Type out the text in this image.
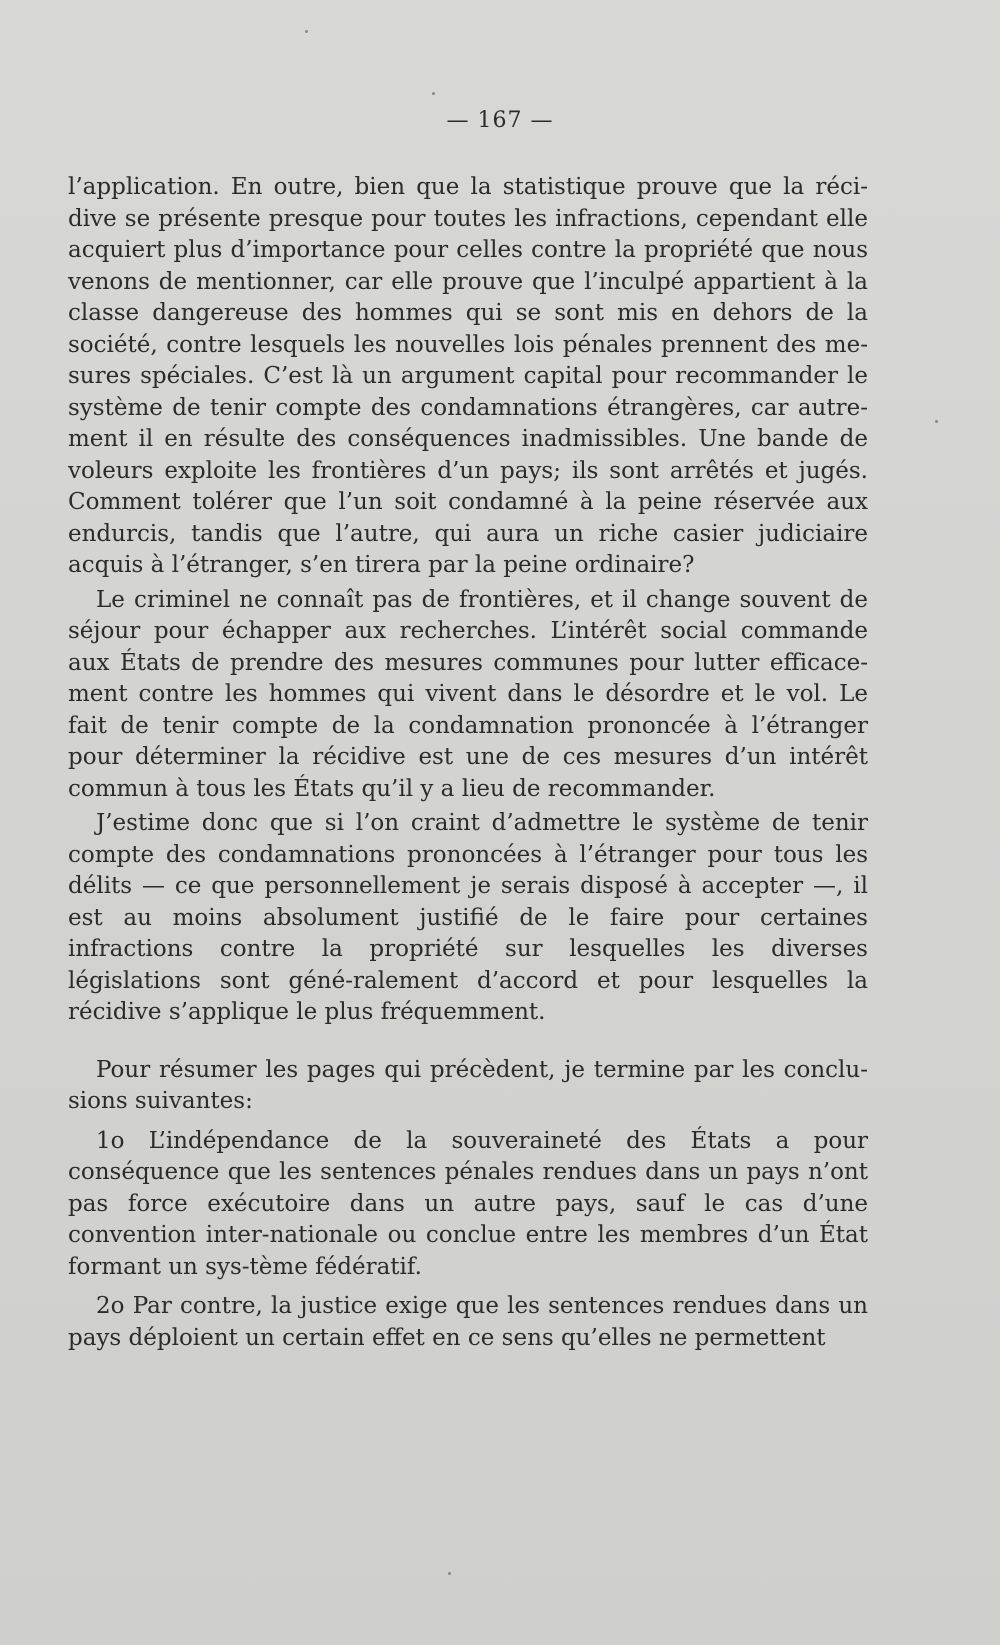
— 167 —

l’application. En outre, bien que la statistique prouve que la réci-dive se présente presque pour toutes les infractions, cependant elle acquiert plus d’importance pour celles contre la propriété que nous venons de mentionner, car elle prouve que l’inculpé appartient à la classe dangereuse des hommes qui se sont mis en dehors de la société, contre lesquels les nouvelles lois pénales prennent des me-sures spéciales. C’est là un argument capital pour recommander le système de tenir compte des condamnations étrangères, car autre-ment il en résulte des conséquences inadmissibles. Une bande de voleurs exploite les frontières d’un pays; ils sont arrêtés et jugés. Comment tolérer que l’un soit condamné à la peine réservée aux endurcis, tandis que l’autre, qui aura un riche casier judiciaire acquis à l’étranger, s’en tirera par la peine ordinaire?

Le criminel ne connaît pas de frontières, et il change souvent de séjour pour échapper aux recherches. L’intérêt social commande aux États de prendre des mesures communes pour lutter efficace-ment contre les hommes qui vivent dans le désordre et le vol. Le fait de tenir compte de la condamnation prononcée à l’étranger pour déterminer la récidive est une de ces mesures d’un intérêt commun à tous les États qu’il y a lieu de recommander.

J’estime donc que si l’on craint d’admettre le système de tenir compte des condamnations prononcées à l’étranger pour tous les délits — ce que personnellement je serais disposé à accepter —, il est au moins absolument justifié de le faire pour certaines infractions contre la propriété sur lesquelles les diverses législations sont géné-ralement d’accord et pour lesquelles la récidive s’applique le plus fréquemment.

Pour résumer les pages qui précèdent, je termine par les conclu-sions suivantes:

1o L’indépendance de la souveraineté des États a pour conséquence que les sentences pénales rendues dans un pays n’ont pas force exécutoire dans un autre pays, sauf le cas d’une convention inter-nationale ou conclue entre les membres d’un État formant un sys-tème fédératif.

2o Par contre, la justice exige que les sentences rendues dans un pays déploient un certain effet en ce sens qu’elles ne permettent
